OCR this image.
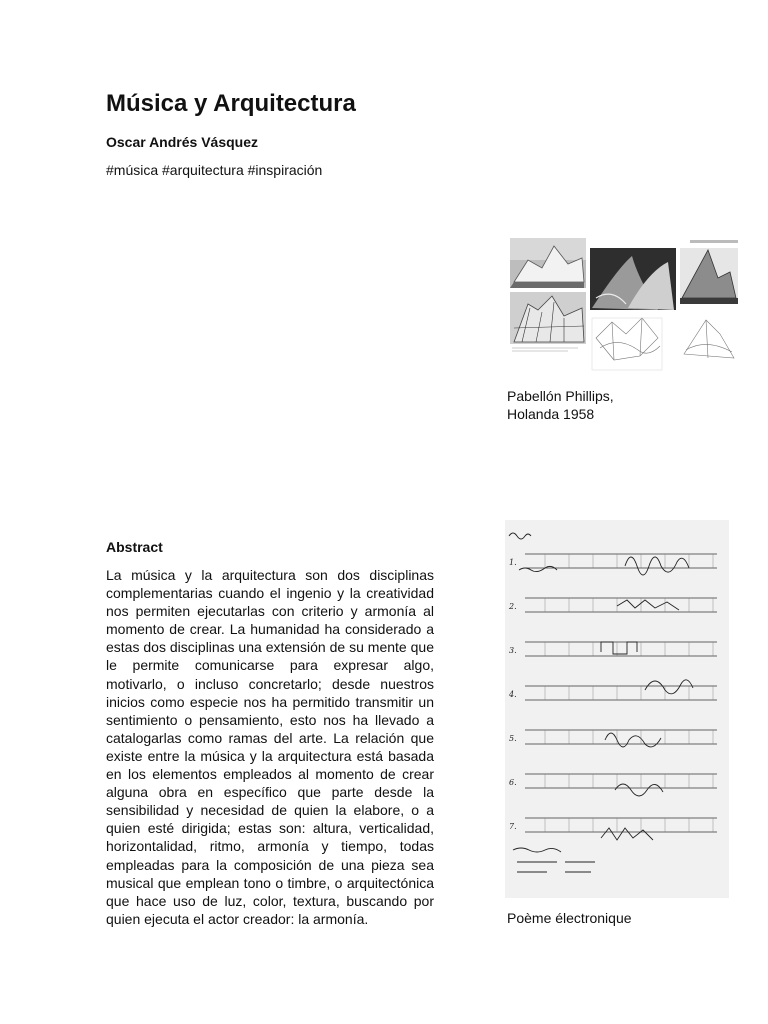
Música y Arquitectura
Oscar Andrés Vásquez
#música #arquitectura #inspiración
Pabellón Phillips,
Holanda 1958
1.
2.
3.
4.
5.
6.
7.
Poème électronique
Abstract
La música y la arquitectura son dos disciplinas complementarias cuando el ingenio y la creatividad nos permiten ejecutarlas con criterio y armonía al momento de crear. La humanidad ha considerado a estas dos disciplinas una extensión de su mente que le permite comunicarse para expresar algo, motivarlo, o incluso concretarlo; desde nuestros inicios como especie nos ha permitido transmitir un sentimiento o pensamiento, esto nos ha llevado a catalogarlas como ramas del arte. La relación que existe entre la música y la arquitectura está basada en los elementos empleados al momento de crear alguna obra en específico que parte desde la sensibilidad y necesidad de quien la elabore, o a quien esté dirigida; estas son: altura, verticalidad, horizontalidad, ritmo, armonía y tiempo, todas empleadas para la composición de una pieza sea musical que emplean tono o timbre, o arquitectónica que hace uso de luz, color, textura, buscando por quien ejecuta el actor creador: la armonía.
